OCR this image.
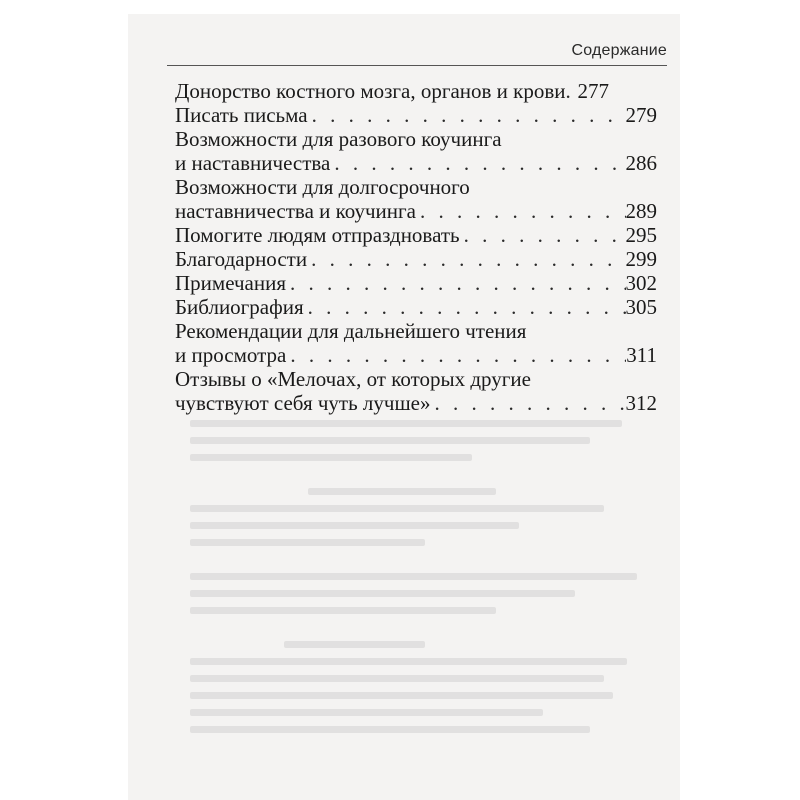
Содержание
Донорство костного мозга, органов и крови . . . 277
Писать письма . . .	279
Возможности для разового коучинга
и наставничества . . .	286
Возможности для долгосрочного
наставничества и коучинга . . .	289
Помогите людям отпраздновать . . .	295
Благодарности . . .	299
Примечания . . .	302
Библиография . . .	305
Рекомендации для дальнейшего чтения
и просмотра . . .	311
Отзывы о «Мелочах, от которых другие
чувствуют себя чуть лучше» . . .	312
